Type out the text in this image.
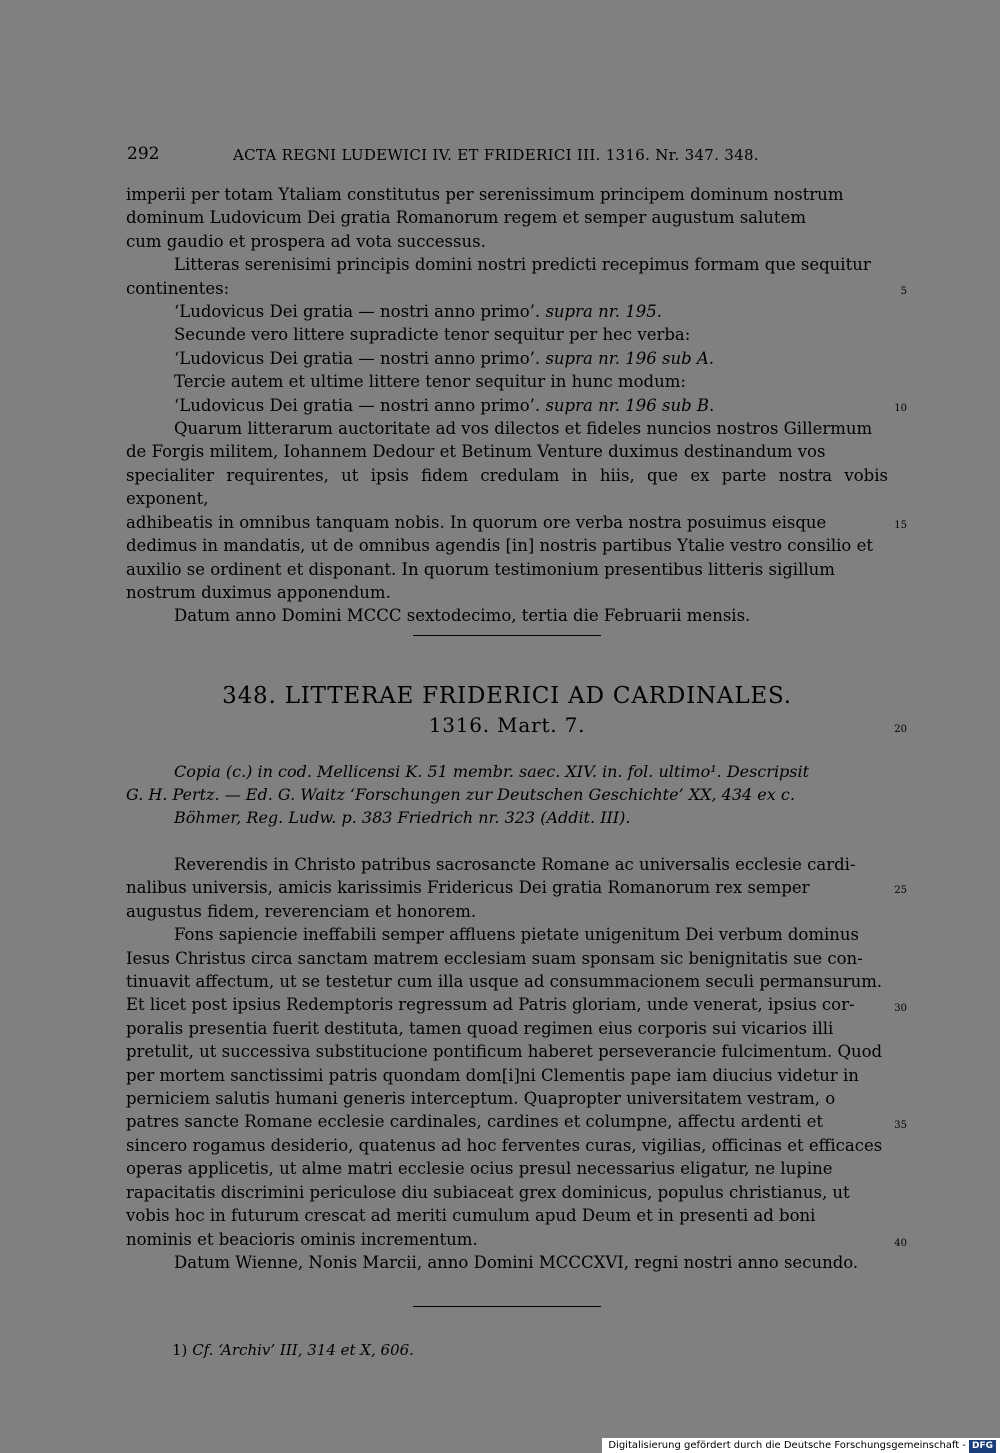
292	ACTA REGNI LUDEWICI IV. ET FRIDERICI III. 1316. Nr. 347. 348.
imperii per totam Ytaliam constitutus per serenissimum principem dominum nostrum
dominum Ludovicum Dei gratia Romanorum regem et semper augustum salutem
cum gaudio et prospera ad vota successus.
Litteras serenisimi principis domini nostri predicti recepimus formam que sequitur
continentes:
‘Ludovicus Dei gratia — nostri anno primo’. supra nr. 195.
Secunde vero littere supradicte tenor sequitur per hec verba:
‘Ludovicus Dei gratia — nostri anno primo’. supra nr. 196 sub A.
Tercie autem et ultime littere tenor sequitur in hunc modum:
‘Ludovicus Dei gratia — nostri anno primo’. supra nr. 196 sub B.
Quarum litterarum auctoritate ad vos dilectos et fideles nuncios nostros Gillermum
de Forgis militem, Iohannem Dedour et Betinum Venture duximus destinandum vos
specialiter requirentes, ut ipsis fidem credulam in hiis, que ex parte nostra vobis exponent,
adhibeatis in omnibus tanquam nobis. In quorum ore verba nostra posuimus eisque
dedimus in mandatis, ut de omnibus agendis [in] nostris partibus Ytalie vestro consilio et
auxilio se ordinent et disponant. In quorum testimonium presentibus litteris sigillum
nostrum duximus apponendum.
Datum anno Domini MCCC sextodecimo, tertia die Februarii mensis.
5
10
15
20
25
30
35
40
348. LITTERAE FRIDERICI AD CARDINALES.
1316. Mart. 7.
Copia (c.) in cod. Mellicensi K. 51 membr. saec. XIV. in. fol. ultimo¹. Descripsit
G. H. Pertz. — Ed. G. Waitz ‘Forschungen zur Deutschen Geschichte’ XX, 434 ex c.
Böhmer, Reg. Ludw. p. 383 Friedrich nr. 323 (Addit. III).
Reverendis in Christo patribus sacrosancte Romane ac universalis ecclesie cardi-
nalibus universis, amicis karissimis Fridericus Dei gratia Romanorum rex semper
augustus fidem, reverenciam et honorem.
Fons sapiencie ineffabili semper affluens pietate unigenitum Dei verbum dominus
Iesus Christus circa sanctam matrem ecclesiam suam sponsam sic benignitatis sue con-
tinuavit affectum, ut se testetur cum illa usque ad consummacionem seculi permansurum.
Et licet post ipsius Redemptoris regressum ad Patris gloriam, unde venerat, ipsius cor-
poralis presentia fuerit destituta, tamen quoad regimen eius corporis sui vicarios illi
pretulit, ut successiva substitucione pontificum haberet perseverancie fulcimentum. Quod
per mortem sanctissimi patris quondam dom[i]ni Clementis pape iam diucius videtur in
perniciem salutis humani generis interceptum. Quapropter universitatem vestram, o
patres sancte Romane ecclesie cardinales, cardines et columpne, affectu ardenti et
sincero rogamus desiderio, quatenus ad hoc ferventes curas, vigilias, officinas et efficaces
operas applicetis, ut alme matri ecclesie ocius presul necessarius eligatur, ne lupine
rapacitatis discrimini periculose diu subiaceat grex dominicus, populus christianus, ut
vobis hoc in futurum crescat ad meriti cumulum apud Deum et in presenti ad boni
nominis et beacioris ominis incrementum.
Datum Wienne, Nonis Marcii, anno Domini MCCCXVI, regni nostri anno secundo.
1) Cf. ‘Archiv’ III, 314 et X, 606.
Digitalisierung gefördert durch die Deutsche Forschungsgemeinschaft - DFG
